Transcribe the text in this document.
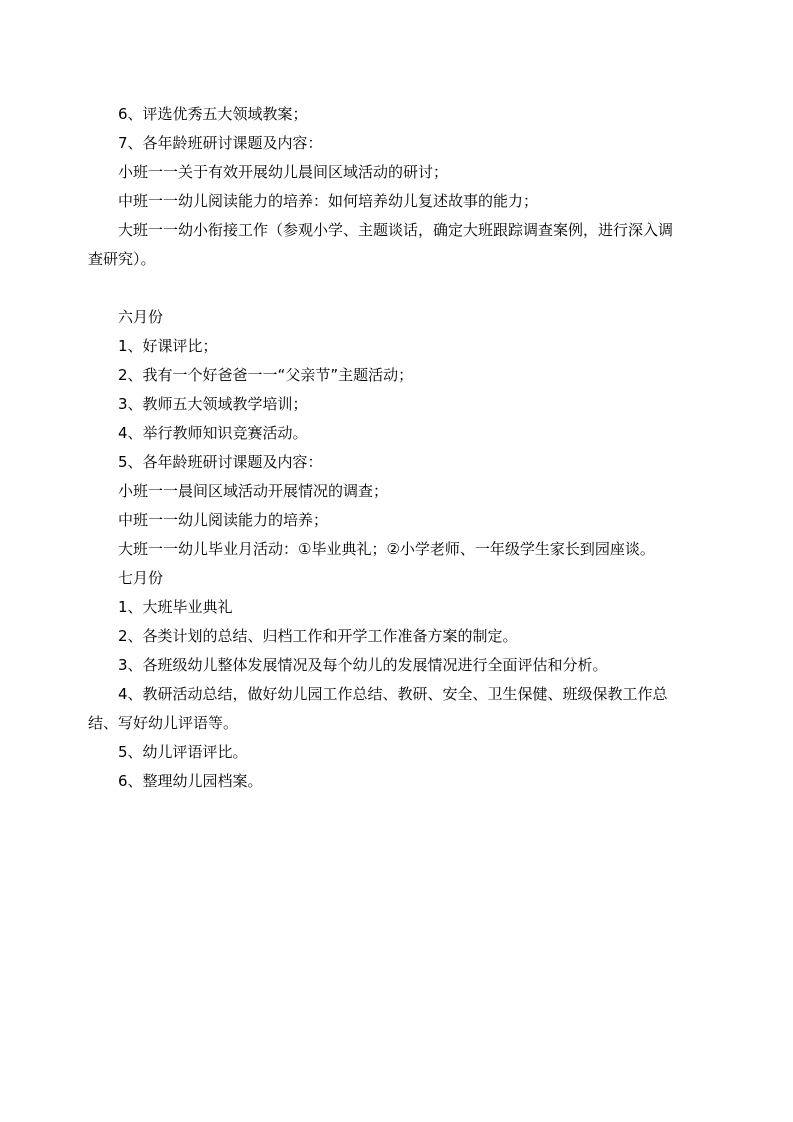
6、评选优秀五大领域教案；
7、各年龄班研讨课题及内容：
小班一一关于有效开展幼儿晨间区域活动的研讨；
中班一一幼儿阅读能力的培养：如何培养幼儿复述故事的能力；
大班一一幼小衔接工作（参观小学、主题谈话，确定大班跟踪调查案例，进行深入调
查研究）。
六月份
1、好课评比；
2、我有一个好爸爸一一“父亲节”主题活动；
3、教师五大领域教学培训；
4、举行教师知识竞赛活动。
5、各年龄班研讨课题及内容：
小班一一晨间区域活动开展情况的调查；
中班一一幼儿阅读能力的培养；
大班一一幼儿毕业月活动：①毕业典礼；②小学老师、一年级学生家长到园座谈。
七月份
1、大班毕业典礼
2、各类计划的总结、归档工作和开学工作准备方案的制定。
3、各班级幼儿整体发展情况及每个幼儿的发展情况进行全面评估和分析。
4、教研活动总结，做好幼儿园工作总结、教研、安全、卫生保健、班级保教工作总
结、写好幼儿评语等。
5、幼儿评语评比。
6、整理幼儿园档案。
